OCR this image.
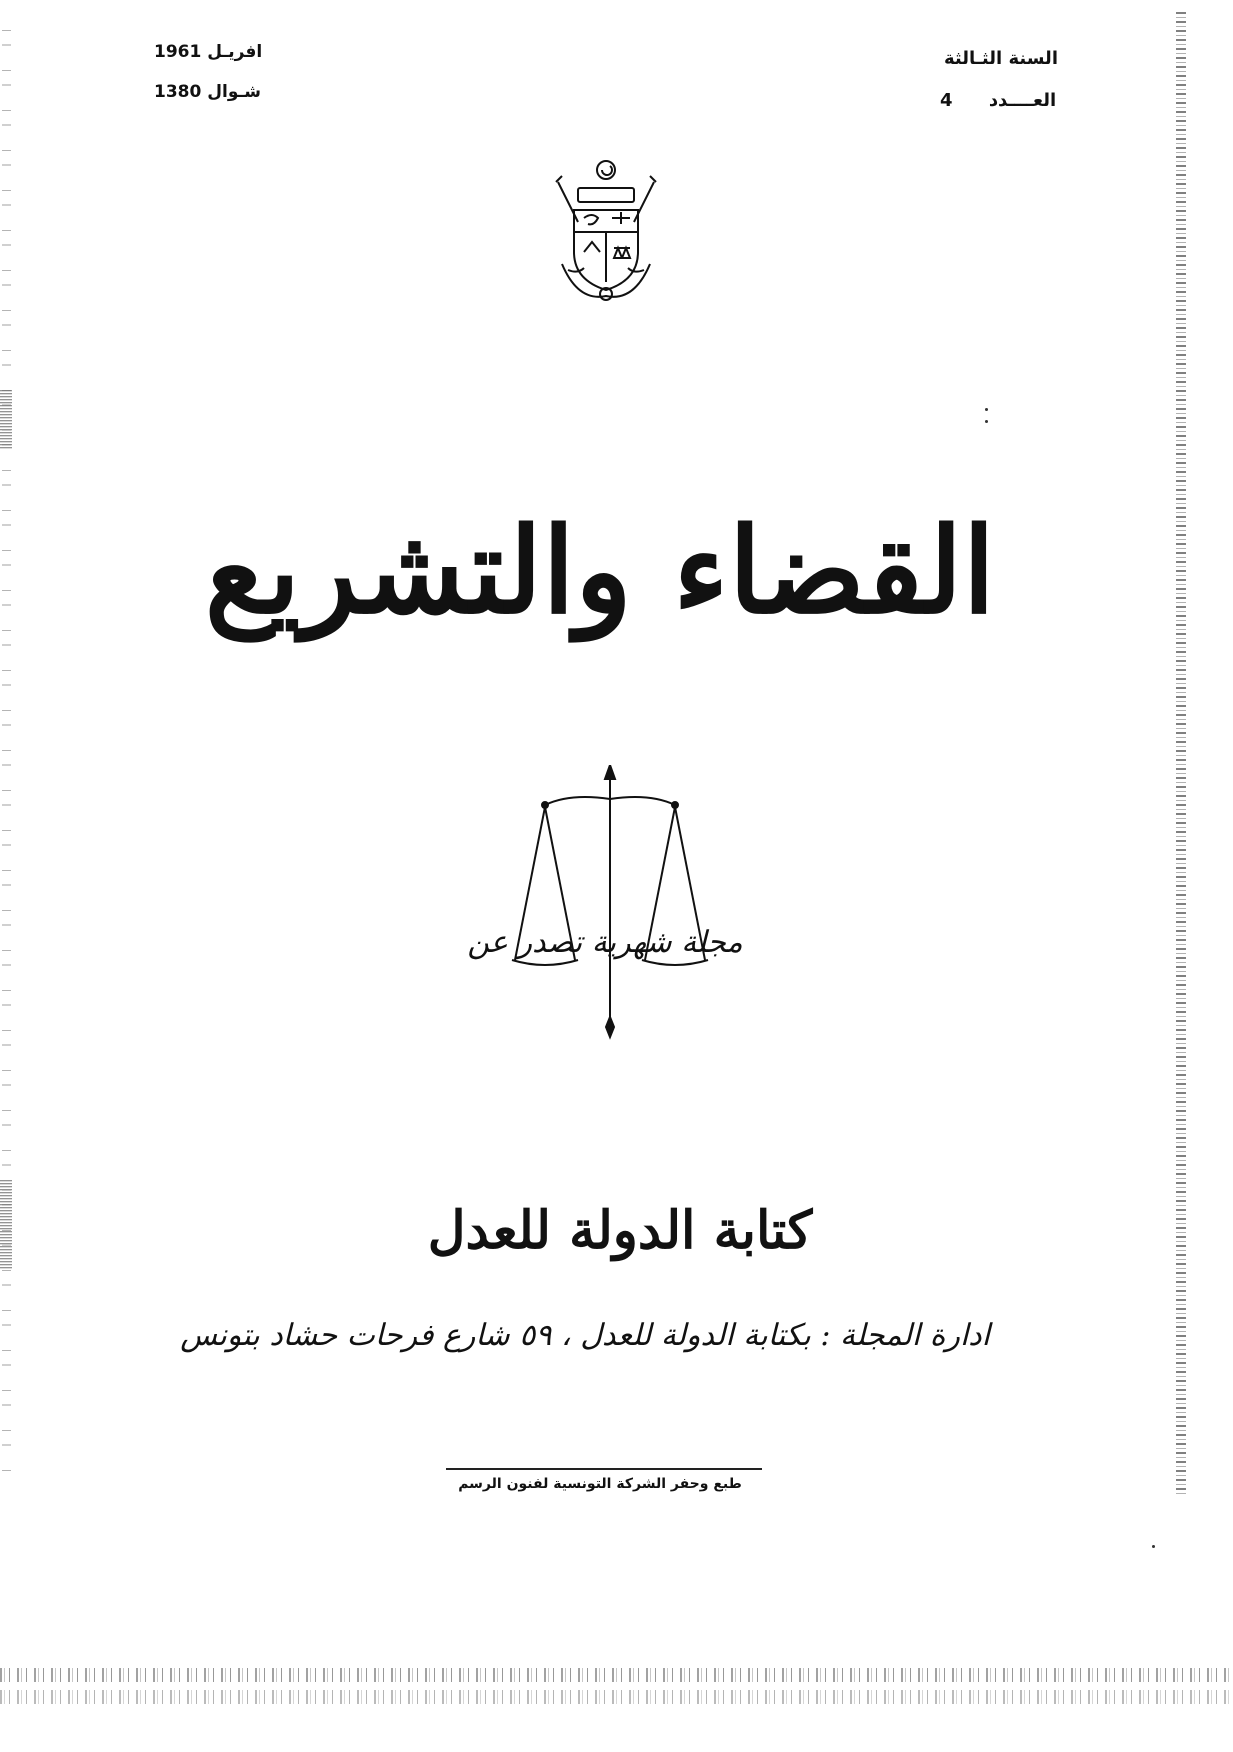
افريـل 1961
شـوال 1380
السنة الثـالثة
العــــدد 4
القضاء والتشريع
مجلة شهرية تصدر عن
كتابة الدولة للعدل
ادارة المجلة : بكتابة الدولة للعدل ، ٥٩ شارع فرحات حشاد بتونس
طبع وحفر الشركة التونسية لفنون الرسم
